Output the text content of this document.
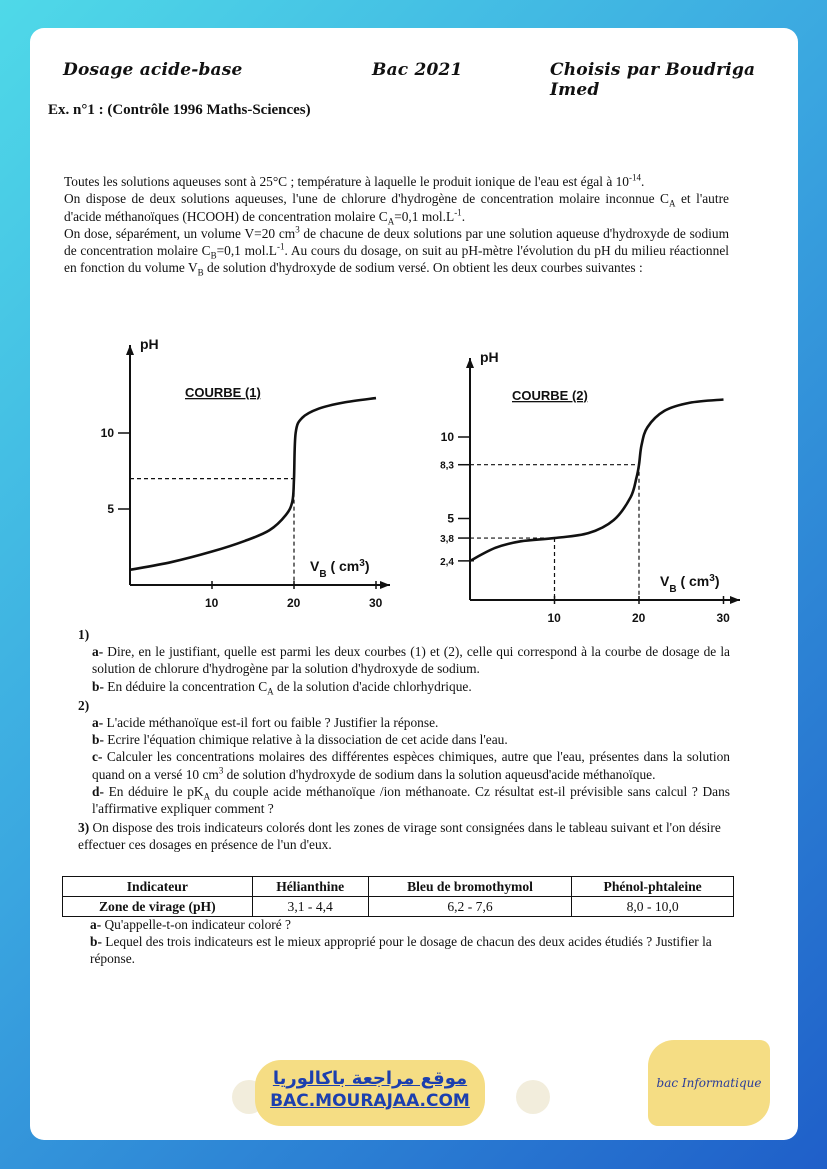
Dosage acide-base	Bac 2021	Choisis par Boudriga Imed
Ex. n°1 : (Contrôle 1996 Maths-Sciences)

Toutes les solutions aqueuses sont à 25°C ; température à laquelle le produit ionique de l'eau est égal à $10^{-14}$.

On dispose de deux solutions aqueuses, l'une de chlorure d'hydrogène de concentration molaire inconnue $C_A$ et l'autre d'acide méthanoïques (HCOOH) de concentration molaire $C_A=0,1$ $mol.L^{-1}$.

On dose, séparément, un volume V=20 $cm^3$ de chacune de deux solutions par une solution aqueuse d'hydroxyde de sodium de concentration molaire $C_B=0,1$ $mol.L^{-1}$. Au cours du dosage, on suit au pH-mètre l'évolution du pH du milieu réactionnel en fonction du volume $V_B$ de solution d'hydroxyde de sodium versé. On obtient les deux courbes suivantes :

$V_B$ ( $cm^3$)
pH
COURBE (1)
10	20	30
5
10
$V_B$ ( $cm^3$)
pH
COURBE (2)
10	20	30
2,4
3,8
5
8,3
10
1)
a- Dire, en le justifiant, quelle est parmi les deux courbes (1) et (2), celle qui correspond à la courbe de dosage de la solution de chlorure d'hydrogène par la solution d'hydroxyde de sodium.
b- En déduire la concentration $C_A$ de la solution d'acide chlorhydrique.
2)
a- L'acide méthanoïque est-il fort ou faible ? Justifier la réponse.
b- Ecrire l'équation chimique relative à la dissociation de cet acide dans l'eau.
c- Calculer les concentrations molaires des différentes espèces chimiques, autre que l'eau, présentes dans la solution quand on a versé 10 $cm^3$ de solution d'hydroxyde de sodium dans la solution aqueusd'acide méthanoïque.
d- En déduire le $pK_A$ du couple acide méthanoïque /ion méthanoate. Cz résultat est-il prévisible sans calcul ? Dans l'affirmative expliquer comment ?
3) On dispose des trois indicateurs colorés dont les zones de virage sont consignées dans le tableau suivant et l'on désire effectuer ces dosages en présence de l'un d'eux.
Indicateur	Hélianthine	Bleu de bromothymol	Phénol-phtaleine
Zone de virage (pH)	3,1 - 4,4	6,2 - 7,6	8,0 - 10,0
a- Qu'appelle-t-on indicateur coloré ?
b- Lequel des trois indicateurs est le mieux approprié pour le dosage de chacun des deux acides étudiés ? Justifier la réponse.
موقع مراجعة باكالوريا
BAC.MOURAJAA.COM
bac Informatique
